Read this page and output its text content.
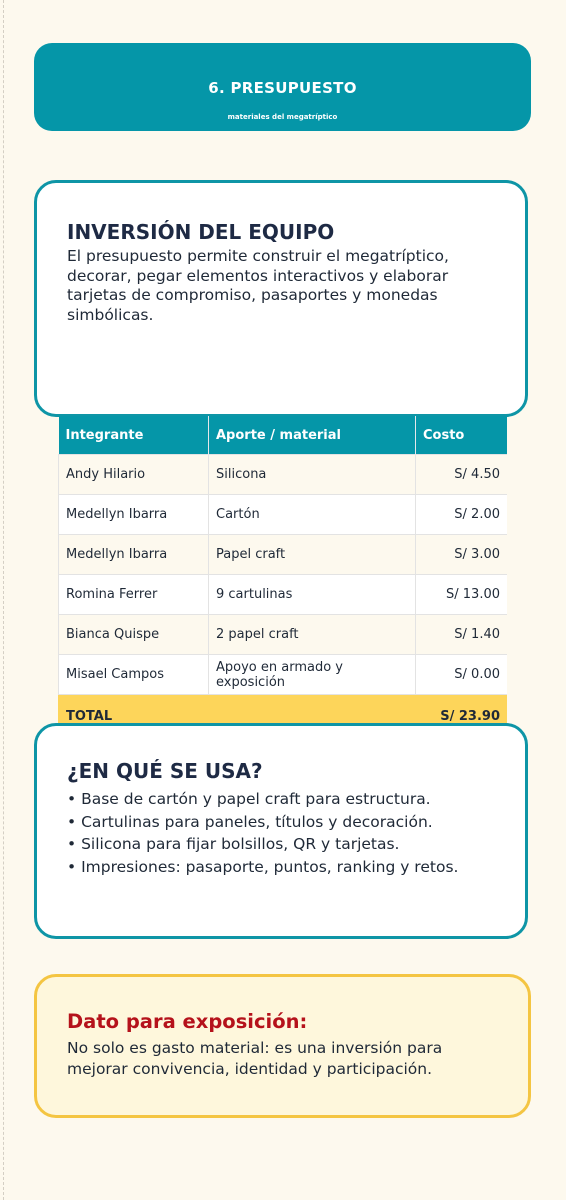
6. PRESUPUESTO
materiales del megatríptico
INVERSIÓN DEL EQUIPO
El presupuesto permite construir el megatríptico, decorar, pegar elementos interactivos y elaborar tarjetas de compromiso, pasaportes y monedas simbólicas.
Integrante	Aporte / material	Costo
Andy Hilario	Silicona	S/ 4.50
Medellyn Ibarra	Cartón	S/ 2.00
Medellyn Ibarra	Papel craft	S/ 3.00
Romina Ferrer	9 cartulinas	S/ 13.00
Bianca Quispe	2 papel craft	S/ 1.40
Misael Campos	Apoyo en armado y exposición	S/ 0.00
TOTAL		S/ 23.90
¿EN QUÉ SE USA?
• Base de cartón y papel craft para estructura.
• Cartulinas para paneles, títulos y decoración.
• Silicona para fijar bolsillos, QR y tarjetas.
• Impresiones: pasaporte, puntos, ranking y retos.
Dato para exposición:
No solo es gasto material: es una inversión para mejorar convivencia, identidad y participación.
